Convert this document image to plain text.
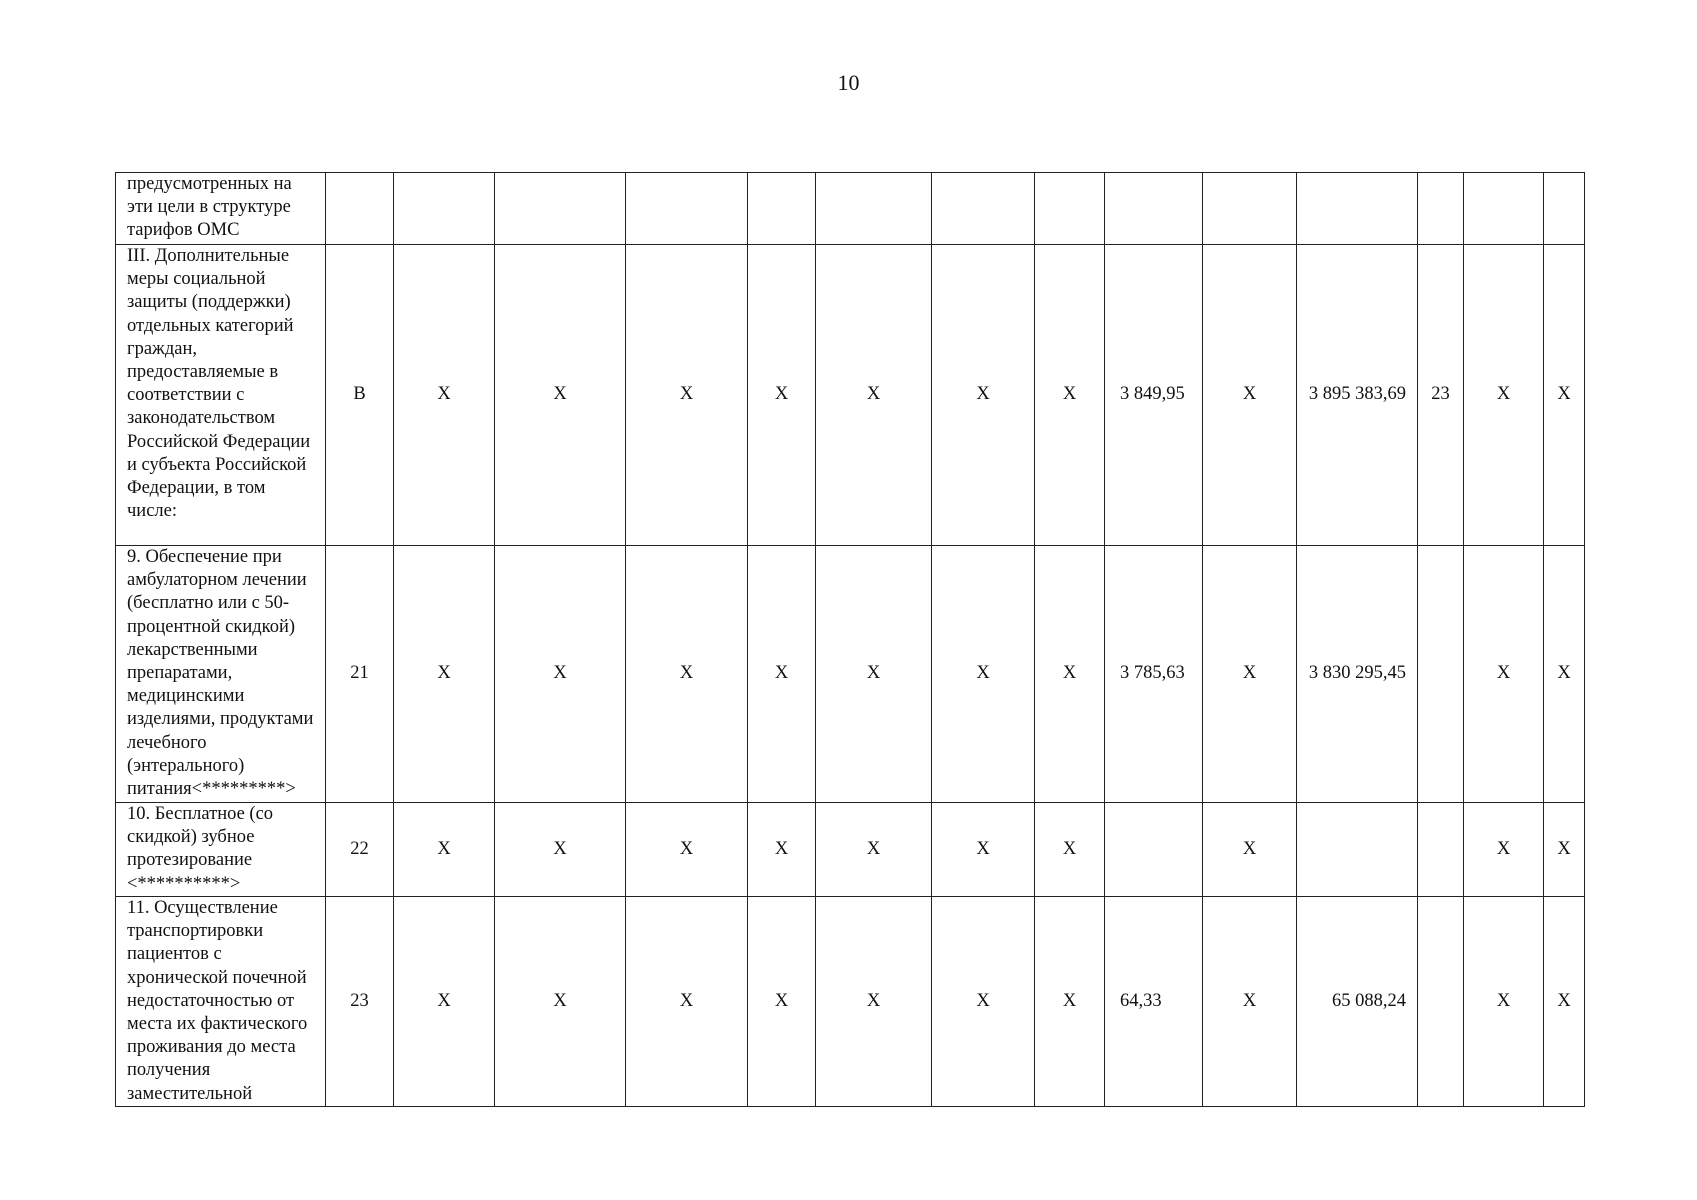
10
предусмотренных на эти цели в структуре тарифов ОМС														

III. Дополнительные меры социальной защиты (поддержки) отдельных категорий граждан, предоставляемые в соответствии с законодательством Российской Федерации и субъекта Российской Федерации, в том числе:	В	Х	Х	Х	Х	Х	Х	Х	3 849,95	Х	3 895 383,69	23	Х	Х

9. Обеспечение при амбулаторном лечении (бесплатно или с 50-процентной скидкой) лекарственными препаратами, медицинскими изделиями, продуктами лечебного (энтерального) питания<*********>	21	Х	Х	Х	Х	Х	Х	Х	3 785,63	Х	3 830 295,45		Х	Х

10. Бесплатное (со скидкой) зубное протезирование <**********>	22	Х	Х	Х	Х	Х	Х	Х		Х			Х	Х

11. Осуществление транспортировки пациентов с хронической почечной недостаточностью от места их фактического проживания до места получения заместительной	23	Х	Х	Х	Х	Х	Х	Х	64,33	Х	65 088,24		Х	Х
